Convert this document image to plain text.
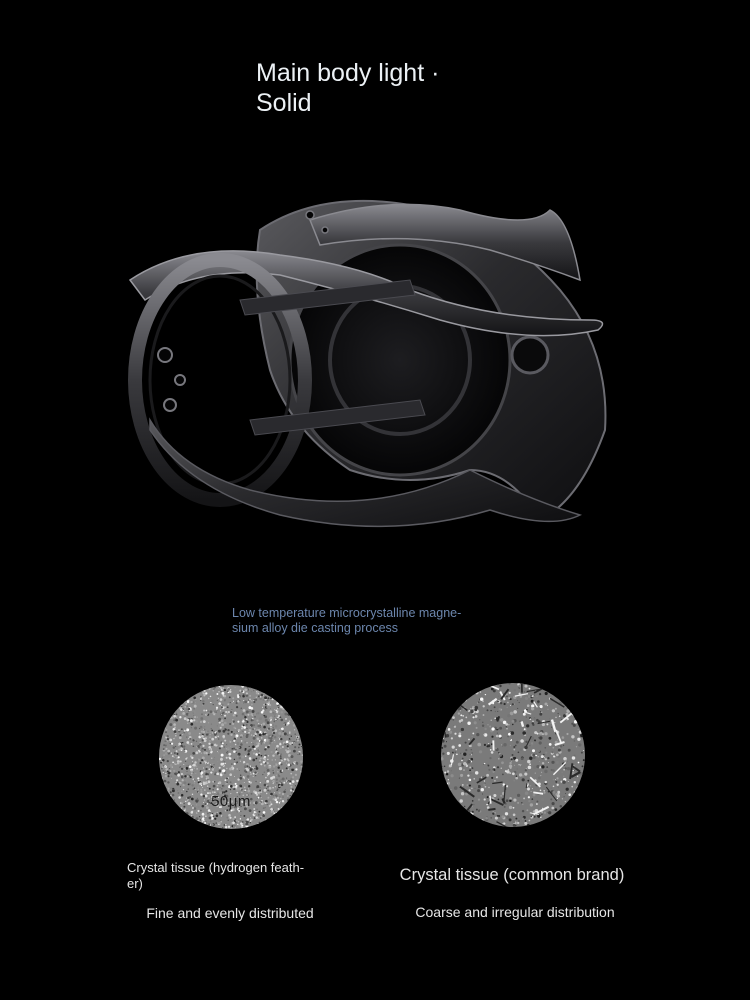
Main body light ·
Solid
Low temperature microcrystalline magne-
sium alloy die casting process
50μm
Crystal tissue (hydrogen feath-
er)	Crystal tissue (common brand)
Fine and evenly distributed	Coarse and irregular distribution
